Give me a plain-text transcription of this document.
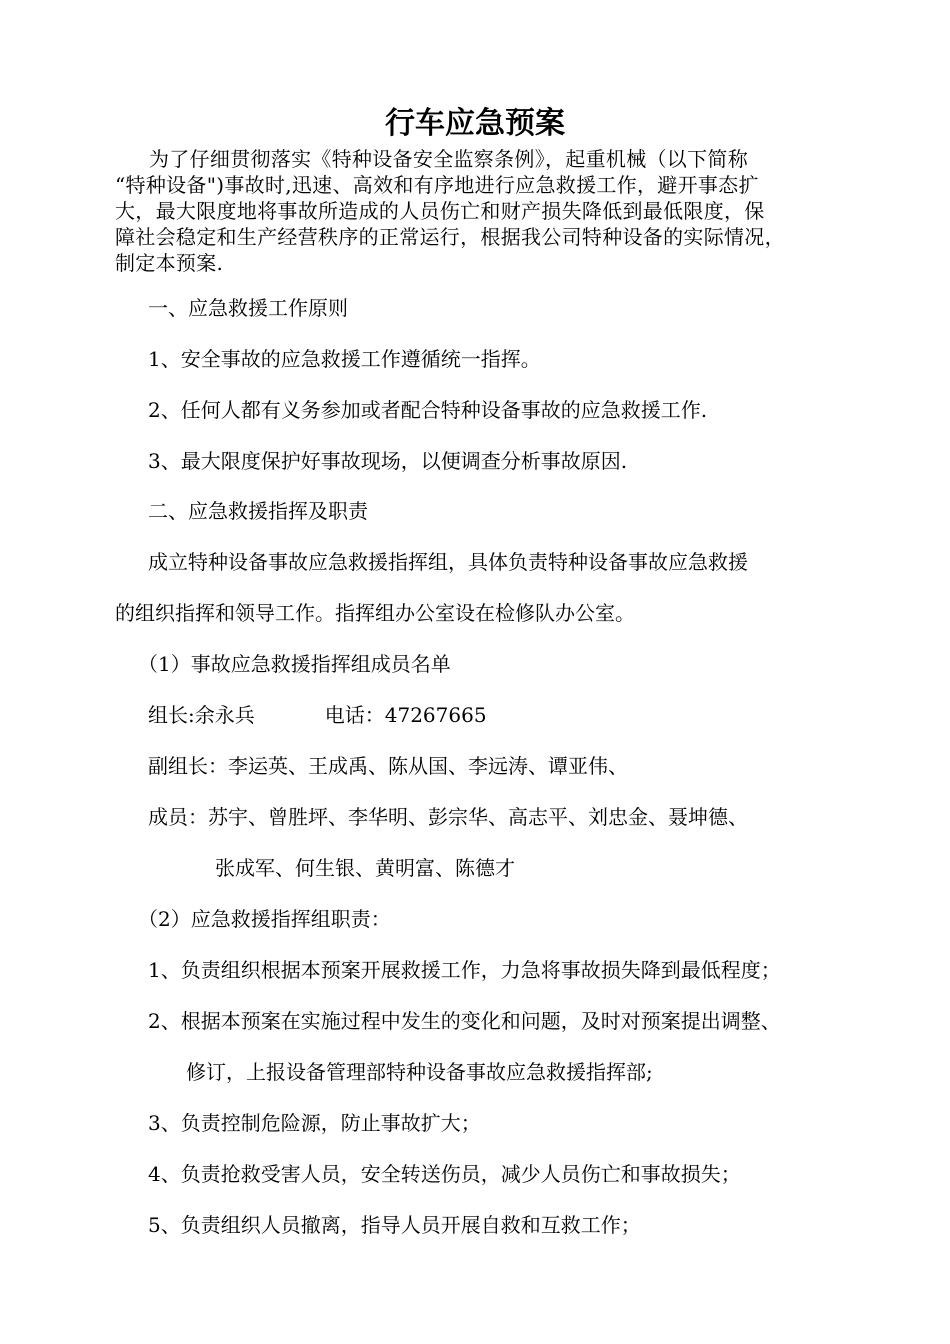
行车应急预案
为了仔细贯彻落实《特种设备安全监察条例》，起重机械（以下简称
“特种设备")事故时,迅速、高效和有序地进行应急救援工作，避开事态扩
大，最大限度地将事故所造成的人员伤亡和财产损失降低到最低限度，保
障社会稳定和生产经营秩序的正常运行，根据我公司特种设备的实际情况，
制定本预案.
一、应急救援工作原则
1、安全事故的应急救援工作遵循统一指挥。
2、任何人都有义务参加或者配合特种设备事故的应急救援工作.
3、最大限度保护好事故现场，以便调查分析事故原因.
二、应急救援指挥及职责
成立特种设备事故应急救援指挥组，具体负责特种设备事故应急救援
的组织指挥和领导工作。指挥组办公室设在检修队办公室。
（1）事故应急救援指挥组成员名单
组长:余永兵	电话：47267665
副组长：李运英、王成禹、陈从国、李远涛、谭亚伟、
成员：苏宇、曾胜坪、李华明、彭宗华、高志平、刘忠金、聂坤德、
张成军、何生银、黄明富、陈德才
（2）应急救援指挥组职责：
1、负责组织根据本预案开展救援工作，力急将事故损失降到最低程度；
2、根据本预案在实施过程中发生的变化和问题，及时对预案提出调整、
修订，上报设备管理部特种设备事故应急救援指挥部;
3、负责控制危险源，防止事故扩大；
4、负责抢救受害人员，安全转送伤员，减少人员伤亡和事故损失；
5、负责组织人员撤离，指导人员开展自救和互救工作；
